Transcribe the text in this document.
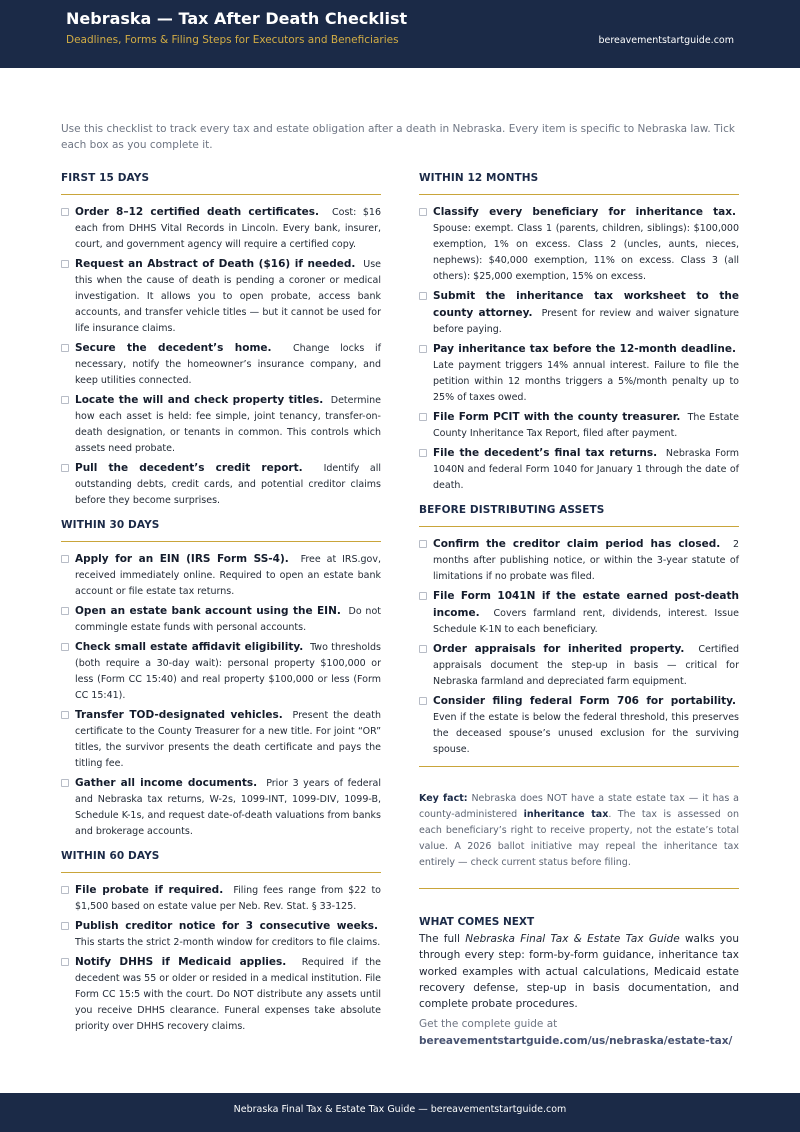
Nebraska — Tax After Death Checklist
Deadlines, Forms & Filing Steps for Executors and Beneficiaries	bereavementstartguide.com

Use this checklist to track every tax and estate obligation after a death in Nebraska. Every item is specific to Nebraska law. Tick each box as you complete it.

FIRST 15 DAYS
Order 8–12 certified death certificates. Cost: $16 each from DHHS Vital Records in Lincoln. Every bank, insurer, court, and government agency will require a certified copy.
Request an Abstract of Death ($16) if needed. Use this when the cause of death is pending a coroner or medical investigation. It allows you to open probate, access bank accounts, and transfer vehicle titles — but it cannot be used for life insurance claims.
Secure the decedent’s home. Change locks if necessary, notify the homeowner’s insurance company, and keep utilities connected.
Locate the will and check property titles. Determine how each asset is held: fee simple, joint tenancy, transfer-on-death designation, or tenants in common. This controls which assets need probate.
Pull the decedent’s credit report. Identify all outstanding debts, credit cards, and potential creditor claims before they become surprises.
WITHIN 30 DAYS
Apply for an EIN (IRS Form SS-4). Free at IRS.gov, received immediately online. Required to open an estate bank account or file estate tax returns.
Open an estate bank account using the EIN. Do not commingle estate funds with personal accounts.
Check small estate affidavit eligibility. Two thresholds (both require a 30-day wait): personal property $100,000 or less (Form CC 15:40) and real property $100,000 or less (Form CC 15:41).
Transfer TOD-designated vehicles. Present the death certificate to the County Treasurer for a new title. For joint “OR” titles, the survivor presents the death certificate and pays the titling fee.
Gather all income documents. Prior 3 years of federal and Nebraska tax returns, W-2s, 1099-INT, 1099-DIV, 1099-B, Schedule K-1s, and request date-of-death valuations from banks and brokerage accounts.
WITHIN 60 DAYS
File probate if required. Filing fees range from $22 to $1,500 based on estate value per Neb. Rev. Stat. § 33-125.
Publish creditor notice for 3 consecutive weeks.  This starts the strict 2-month window for creditors to file claims.
Notify DHHS if Medicaid applies. Required if the decedent was 55 or older or resided in a medical institution. File Form CC 15:5 with the court. Do NOT distribute any assets until you receive DHHS clearance. Funeral expenses take absolute priority over DHHS recovery claims.
WITHIN 12 MONTHS
Classify every beneficiary for inheritance tax.  Spouse: exempt. Class 1 (parents, children, siblings): $100,000 exemption, 1% on excess. Class 2 (uncles, aunts, nieces, nephews): $40,000 exemption, 11% on excess. Class 3 (all others): $25,000 exemption, 15% on excess.
Submit the inheritance tax worksheet to the county attorney. Present for review and waiver signature before paying.
Pay inheritance tax before the 12-month deadline.  Late payment triggers 14% annual interest. Failure to file the petition within 12 months triggers a 5%/month penalty up to 25% of taxes owed.
File Form PCIT with the county treasurer. The Estate County Inheritance Tax Report, filed after payment.
File the decedent’s final tax returns. Nebraska Form 1040N and federal Form 1040 for January 1 through the date of death.
BEFORE DISTRIBUTING ASSETS
Confirm the creditor claim period has closed. 2 months after publishing notice, or within the 3-year statute of limitations if no probate was filed.
File Form 1041N if the estate earned post-death income. Covers farmland rent, dividends, interest. Issue Schedule K-1N to each beneficiary.
Order appraisals for inherited property. Certified appraisals document the step-up in basis — critical for Nebraska farmland and depreciated farm equipment.
Consider filing federal Form 706 for portability.  Even if the estate is below the federal threshold, this preserves the deceased spouse’s unused exclusion for the surviving spouse.
Key fact: Nebraska does NOT have a state estate tax — it has a county-administered inheritance tax. The tax is assessed on each beneficiary’s right to receive property, not the estate’s total value. A 2026 ballot initiative may repeal the inheritance tax entirely — check current status before filing.
WHAT COMES NEXT
The full Nebraska Final Tax & Estate Tax Guide walks you through every step: form-by-form guidance, inheritance tax worked examples with actual calculations, Medicaid estate recovery defense, step-up in basis documentation, and complete probate procedures.
Get the complete guide at
bereavementstartguide.com/us/nebraska/estate-tax/
Nebraska Final Tax & Estate Tax Guide — bereavementstartguide.com
